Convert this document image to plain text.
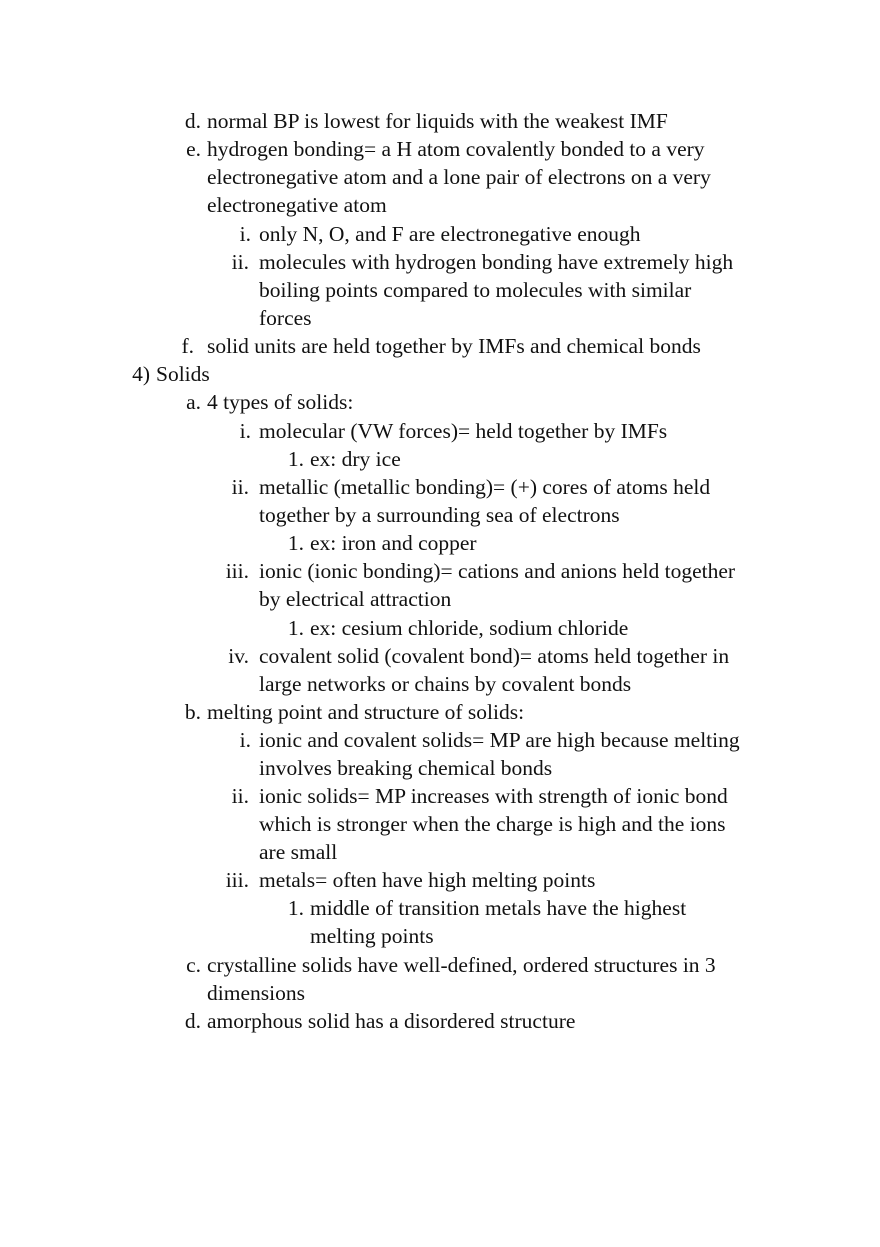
d. normal BP is lowest for liquids with the weakest IMF
e. hydrogen bonding= a H atom covalently bonded to a very
electronegative atom and a lone pair of electrons on a very
electronegative atom
i. only N, O, and F are electronegative enough
ii. molecules with hydrogen bonding have extremely high
boiling points compared to molecules with similar
forces
f. solid units are held together by IMFs and chemical bonds
4) Solids
a. 4 types of solids:
i. molecular (VW forces)= held together by IMFs
1. ex: dry ice
ii. metallic (metallic bonding)= (+) cores of atoms held
together by a surrounding sea of electrons
1. ex: iron and copper
iii. ionic (ionic bonding)= cations and anions held together
by electrical attraction
1. ex: cesium chloride, sodium chloride
iv. covalent solid (covalent bond)= atoms held together in
large networks or chains by covalent bonds
b. melting point and structure of solids:
i. ionic and covalent solids= MP are high because melting
involves breaking chemical bonds
ii. ionic solids= MP increases with strength of ionic bond
which is stronger when the charge is high and the ions
are small
iii. metals= often have high melting points
1. middle of transition metals have the highest
melting points
c. crystalline solids have well-defined, ordered structures in 3
dimensions
d. amorphous solid has a disordered structure
